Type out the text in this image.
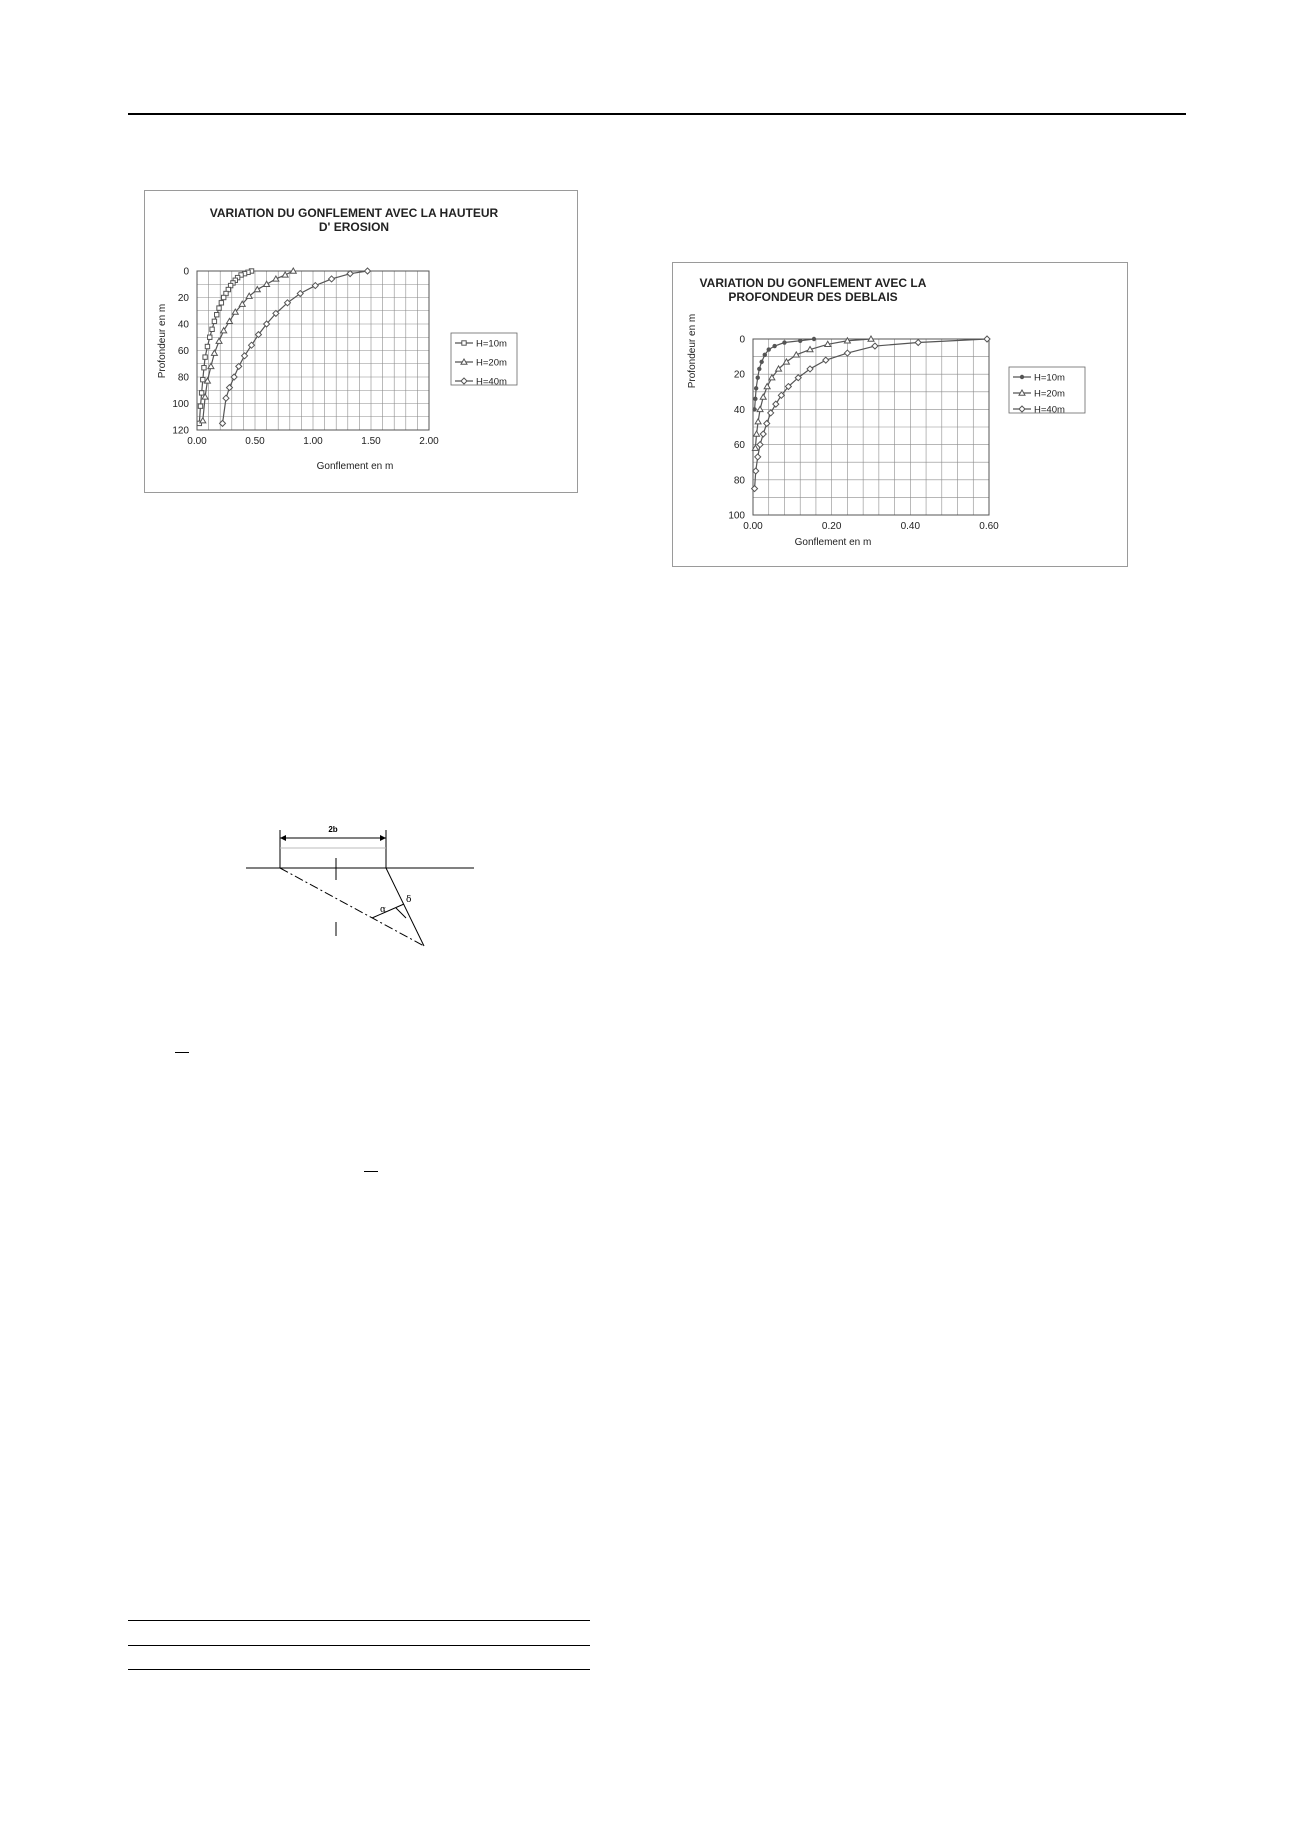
VARIATION DU GONFLEMENT AVEC LA HAUTEUR
D' EROSION
0.00	0.50	1.00	1.50	2.00
0
20
40
60
80
100
120
Gonflement en m
Profondeur en m	H=10m
H=20m
H=40m
VARIATION DU GONFLEMENT AVEC LA
PROFONDEUR DES DEBLAIS
0.00	0.20	0.40	0.60
0
20
40
60
80
100
Gonflement en m
Profondeur en m	H=10m
H=20m
H=40m
2b
α
δ
